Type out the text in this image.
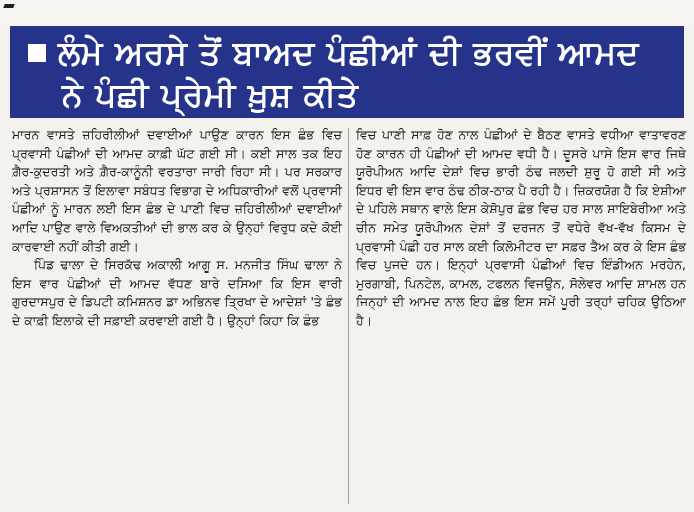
ਲੰਮੇ ਅਰਸੇ ਤੋਂ ਬਾਅਦ ਪੰਛੀਆਂ ਦੀ ਭਰਵੀਂ ਆਮਦ
ਨੇ ਪੰਛੀ ਪ੍ਰੇਮੀ ਖ਼ੁਸ਼ ਕੀਤੇ

ਮਾਰਨ ਵਾਸਤੇ ਜ਼ਹਿਰੀਲੀਆਂ ਦਵਾਈਆਂ ਪਾਉਣ ਕਾਰਨ ਇਸ ਛੰਭ ਵਿਚ ਪ੍ਰਵਾਸੀ ਪੰਛੀਆਂ ਦੀ ਆਮਦ ਕਾਫ਼ੀ ਘੱਟ ਗਈ ਸੀ। ਕਈ ਸਾਲ ਤਕ ਇਹ ਗ਼ੈਰ-ਕੁਦਰਤੀ ਅਤੇ ਗ਼ੈਰ-ਕਾਨੂੰਨੀ ਵਰਤਾਰਾ ਜਾਰੀ ਰਿਹਾ ਸੀ। ਪਰ ਸਰਕਾਰ ਅਤੇ ਪ੍ਰਸ਼ਾਸਨ ਤੋਂ ਇਲਾਵਾ ਸਬੰਧਤ ਵਿਭਾਗ ਦੇ ਅਧਿਕਾਰੀਆਂ ਵਲੋਂ ਪ੍ਰਵਾਸੀ ਪੰਛੀਆਂ ਨੂੰ ਮਾਰਨ ਲਈ ਇਸ ਛੰਭ ਦੇ ਪਾਣੀ ਵਿਚ ਜ਼ਹਿਰੀਲੀਆਂ ਦਵਾਈਆਂ ਆਦਿ ਪਾਉਣ ਵਾਲੇ ਵਿਅਕਤੀਆਂ ਦੀ ਭਾਲ ਕਰ ਕੇ ਉਨ੍ਹਾਂ ਵਿਰੁਧ ਕਦੇ ਕੋਈ ਕਾਰਵਾਈ ਨਹੀਂ ਕੀਤੀ ਗਈ।

ਪਿੰਡ ਢਾਲਾ ਦੇ ਸਿਰਕੱਢ ਅਕਾਲੀ ਆਗੂ ਸ. ਮਨਜੀਤ ਸਿੰਘ ਢਾਲਾ ਨੇ ਇਸ ਵਾਰ ਪੰਛੀਆਂ ਦੀ ਆਮਦ ਵੱਧਣ ਬਾਰੇ ਦਸਿਆ ਕਿ ਇਸ ਵਾਰੀ ਗੁਰਦਾਸਪੁਰ ਦੇ ਡਿਪਟੀ ਕਮਿਸ਼ਨਰ ਡਾ ਅਭਿਨਵ ਤ੍ਰਿਖਾ ਦੇ ਆਦੇਸ਼ਾਂ 'ਤੇ ਛੰਭ ਦੇ ਕਾਫ਼ੀ ਇਲਾਕੇ ਦੀ ਸਫ਼ਾਈ ਕਰਵਾਈ ਗਈ ਹੈ। ਉਨ੍ਹਾਂ ਕਿਹਾ ਕਿ ਛੰਭ

ਵਿਚ ਪਾਣੀ ਸਾਫ਼ ਹੋਣ ਨਾਲ ਪੰਛੀਆਂ ਦੇ ਬੈਠਣ ਵਾਸਤੇ ਵਧੀਆ ਵਾਤਾਵਰਣ ਹੋਣ ਕਾਰਨ ਹੀ ਪੰਛੀਆਂ ਦੀ ਆਮਦ ਵਧੀ ਹੈ। ਦੂਸਰੇ ਪਾਸੇ ਇਸ ਵਾਰ ਜਿਥੇ ਯੂਰੋਪੀਅਨ ਆਦਿ ਦੇਸ਼ਾਂ ਵਿਚ ਭਾਰੀ ਠੰਢ ਜਲਦੀ ਸ਼ੁਰੂ ਹੋ ਗਈ ਸੀ ਅਤੇ ਇਧਰ ਵੀ ਇਸ ਵਾਰ ਠੰਢ ਠੀਕ-ਠਾਕ ਪੈ ਰਹੀ ਹੈ। ਜ਼ਿਕਰਯੋਗ ਹੈ ਕਿ ਏਸ਼ੀਆ ਦੇ ਪਹਿਲੇ ਸਥਾਨ ਵਾਲੇ ਇਸ ਕੇਸ਼ੋਪੁਰ ਛੰਭ ਵਿਚ ਹਰ ਸਾਲ ਸਾਇਬੇਰੀਆ ਅਤੇ ਚੀਨ ਸਮੇਤ ਯੂਰੋਪੀਅਨ ਦੇਸ਼ਾਂ ਤੋਂ ਦਰਜਨ ਤੋਂ ਵਧੇਰੇ ਵੱਖ-ਵੱਖ ਕਿਸਮ ਦੇ ਪ੍ਰਵਾਸੀ ਪੰਛੀ ਹਰ ਸਾਲ ਕਈ ਕਿਲੋਮੀਟਰ ਦਾ ਸਫ਼ਰ ਤੈਅ ਕਰ ਕੇ ਇਸ ਛੰਭ ਵਿਚ ਪੁਜਦੇ ਹਨ। ਇਨ੍ਹਾਂ ਪ੍ਰਵਾਸੀ ਪੰਛੀਆਂ ਵਿਚ ਇੰਡੀਅਨ ਮਰਹੇਨ, ਮੁਰਗਾਬੀ, ਪਿਨਟੇਲ, ਕਾਮਲ, ਟਫਲਨ ਵਿਜਉਨ, ਸੋਲੇਵਰ ਆਦਿ ਸ਼ਾਮਲ ਹਨ ਜਿਨ੍ਹਾਂ ਦੀ ਆਮਦ ਨਾਲ ਇਹ ਛੰਭ ਇਸ ਸਮੇਂ ਪੂਰੀ ਤਰ੍ਹਾਂ ਚਹਿਕ ਉਠਿਆ ਹੈ।
